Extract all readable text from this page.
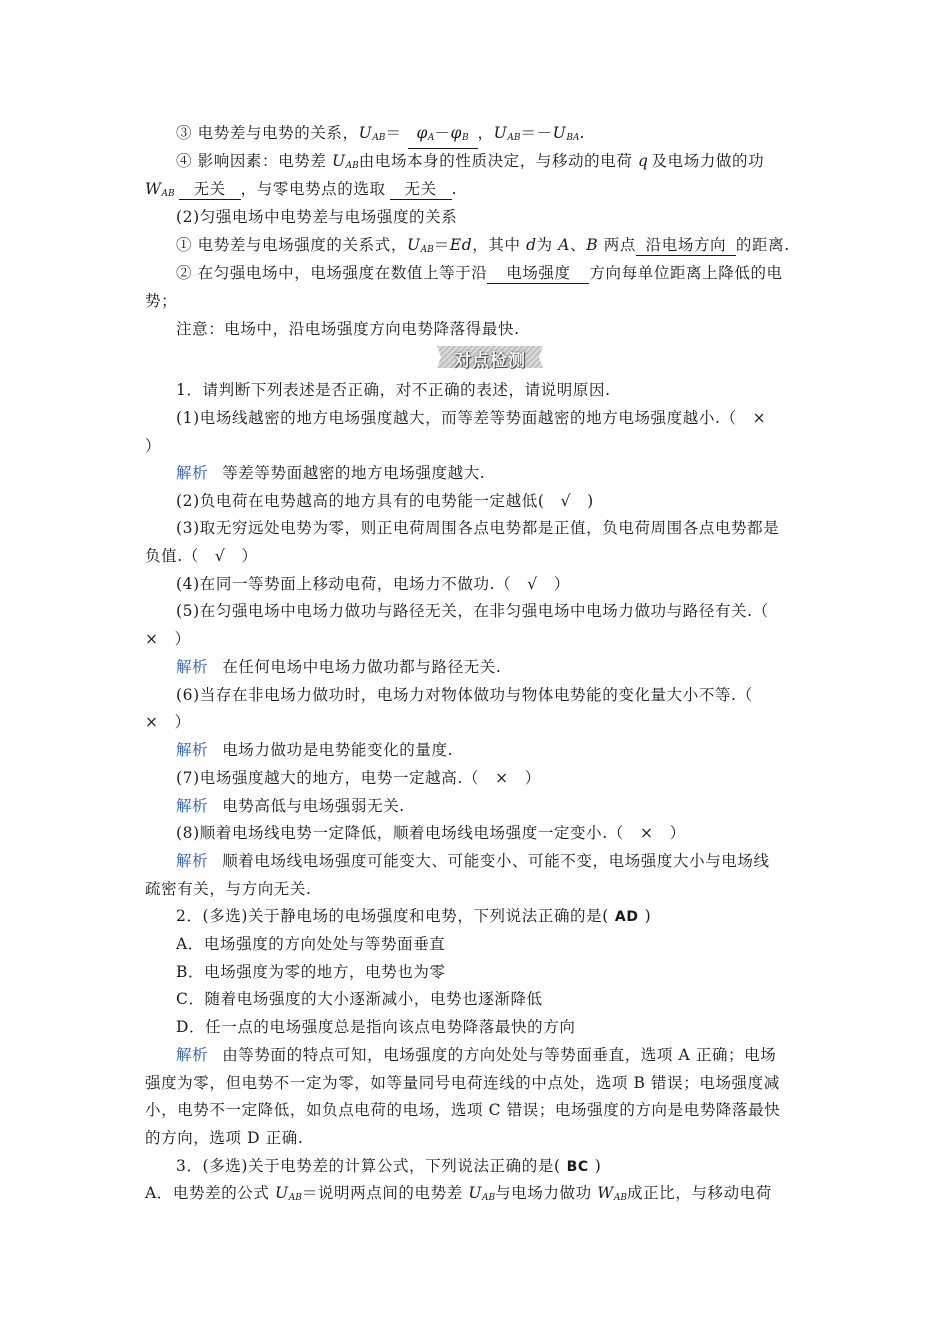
③ 电势差与电势的关系，$U_{AB}= \varphi_A-\varphi_B$ ，$U_{AB}=-U_{BA}$.
④ 影响因素：电势差 $U_{AB}$由电场本身的性质决定，与移动的电荷 q 及电场力做的功
$W_{AB}$ 无关 ，与零电势点的选取 无关 .
(2)匀强电场中电势差与电场强度的关系
① 电势差与电场强度的关系式，$U_{AB}=Ed$，其中 d为 A、B 两点 沿电场方向 的距离.
② 在匀强电场中，电场强度在数值上等于沿 电场强度 方向每单位距离上降低的电
势；
注意：电场中，沿电场强度方向电势降落得最快.
对点检测
1．请判断下列表述是否正确，对不正确的表述，请说明原因.
(1)电场线越密的地方电场强度越大，而等差等势面越密的地方电场强度越小.（　×
）
解析 等差等势面越密的地方电场强度越大.
(2)负电荷在电势越高的地方具有的电势能一定越低(　√　)
(3)取无穷远处电势为零，则正电荷周围各点电势都是正值，负电荷周围各点电势都是
负值.（　√　）
(4)在同一等势面上移动电荷，电场力不做功.（　√　）
(5)在匀强电场中电场力做功与路径无关，在非匀强电场中电场力做功与路径有关.（
×　）
解析 在任何电场中电场力做功都与路径无关.
(6)当存在非电场力做功时，电场力对物体做功与物体电势能的变化量大小不等.（
×　）
解析 电场力做功是电势能变化的量度.
(7)电场强度越大的地方，电势一定越高.（　×　）
解析 电势高低与电场强弱无关.
(8)顺着电场线电势一定降低，顺着电场线电场强度一定变小.（　×　）
解析 顺着电场线电场强度可能变大、可能变小、可能不变，电场强度大小与电场线
疏密有关，与方向无关.
2．(多选)关于静电场的电场强度和电势，下列说法正确的是( AD )
A．电场强度的方向处处与等势面垂直
B．电场强度为零的地方，电势也为零
C．随着电场强度的大小逐渐减小，电势也逐渐降低
D．任一点的电场强度总是指向该点电势降落最快的方向
解析 由等势面的特点可知，电场强度的方向处处与等势面垂直，选项 A 正确；电场
强度为零，但电势不一定为零，如等量同号电荷连线的中点处，选项 B 错误；电场强度减
小，电势不一定降低，如负点电荷的电场，选项 C 错误；电场强度的方向是电势降落最快
的方向，选项 D 正确.
3．(多选)关于电势差的计算公式，下列说法正确的是( BC )
A．电势差的公式 $U_{AB}=$说明两点间的电势差 $U_{AB}$与电场力做功 $W_{AB}$成正比，与移动电荷
